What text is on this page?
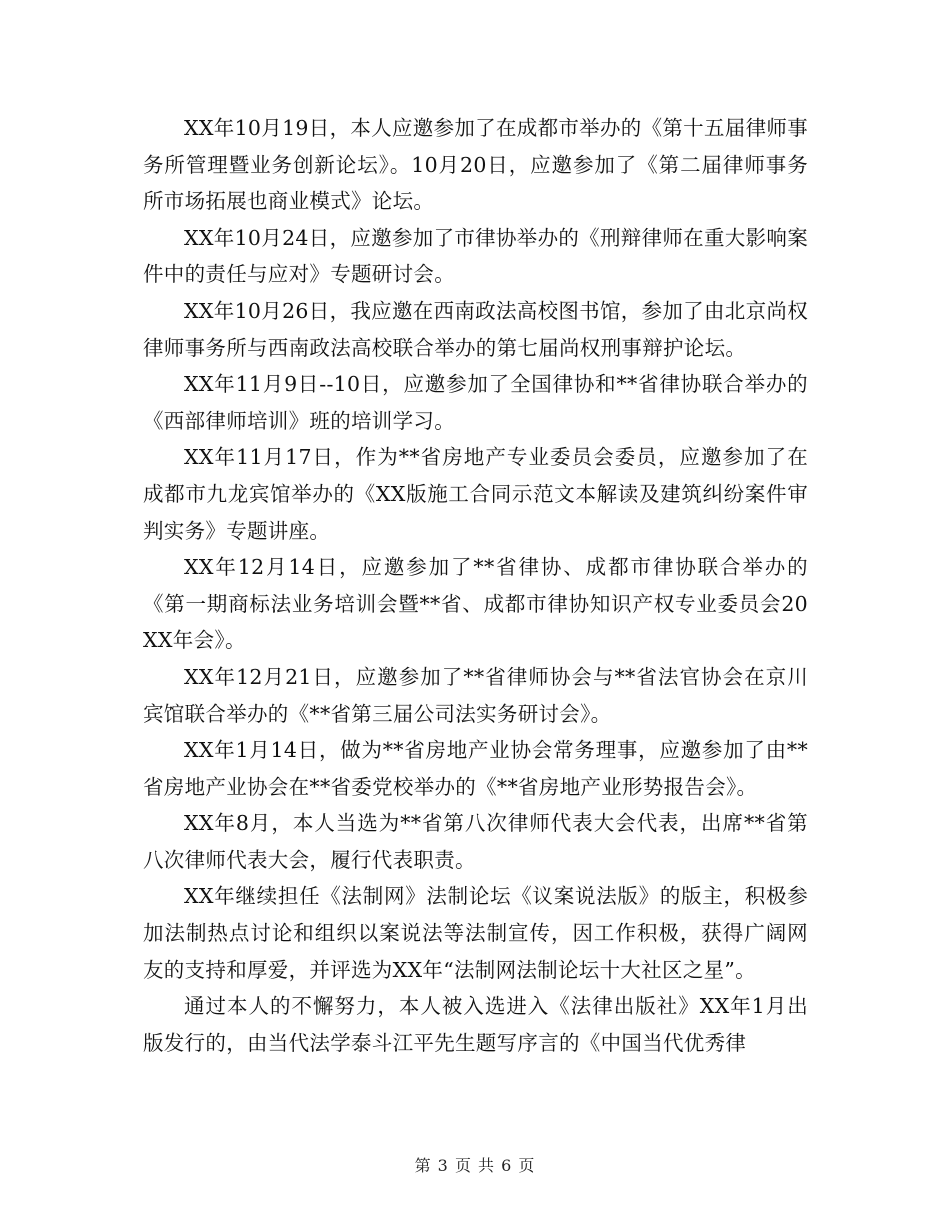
XX年10月19日，本人应邀参加了在成都市举办的《第十五届律师事务所管理暨业务创新论坛》。10月20日，应邀参加了《第二届律师事务所市场拓展也商业模式》论坛。

XX年10月24日，应邀参加了市律协举办的《刑辩律师在重大影响案件中的责任与应对》专题研讨会。

XX年10月26日，我应邀在西南政法高校图书馆，参加了由北京尚权律师事务所与西南政法高校联合举办的第七届尚权刑事辩护论坛。

XX年11月9日--10日，应邀参加了全国律协和**省律协联合举办的《西部律师培训》班的培训学习。

XX年11月17日，作为**省房地产专业委员会委员，应邀参加了在成都市九龙宾馆举办的《XX版施工合同示范文本解读及建筑纠纷案件审判实务》专题讲座。

XX年12月14日，应邀参加了**省律协、成都市律协联合举办的《第一期商标法业务培训会暨**省、成都市律协知识产权专业委员会20XX年会》。

XX年12月21日，应邀参加了**省律师协会与**省法官协会在京川宾馆联合举办的《**省第三届公司法实务研讨会》。

XX年1月14日，做为**省房地产业协会常务理事，应邀参加了由**省房地产业协会在**省委党校举办的《**省房地产业形势报告会》。

XX年8月，本人当选为**省第八次律师代表大会代表，出席**省第八次律师代表大会，履行代表职责。

XX年继续担任《法制网》法制论坛《议案说法版》的版主，积极参加法制热点讨论和组织以案说法等法制宣传，因工作积极，获得广阔网友的支持和厚爱，并评选为XX年“法制网法制论坛十大社区之星”。

通过本人的不懈努力，本人被入选进入《法律出版社》XX年1月出版发行的，由当代法学泰斗江平先生题写序言的《中国当代优秀律

第 3 页 共 6 页
